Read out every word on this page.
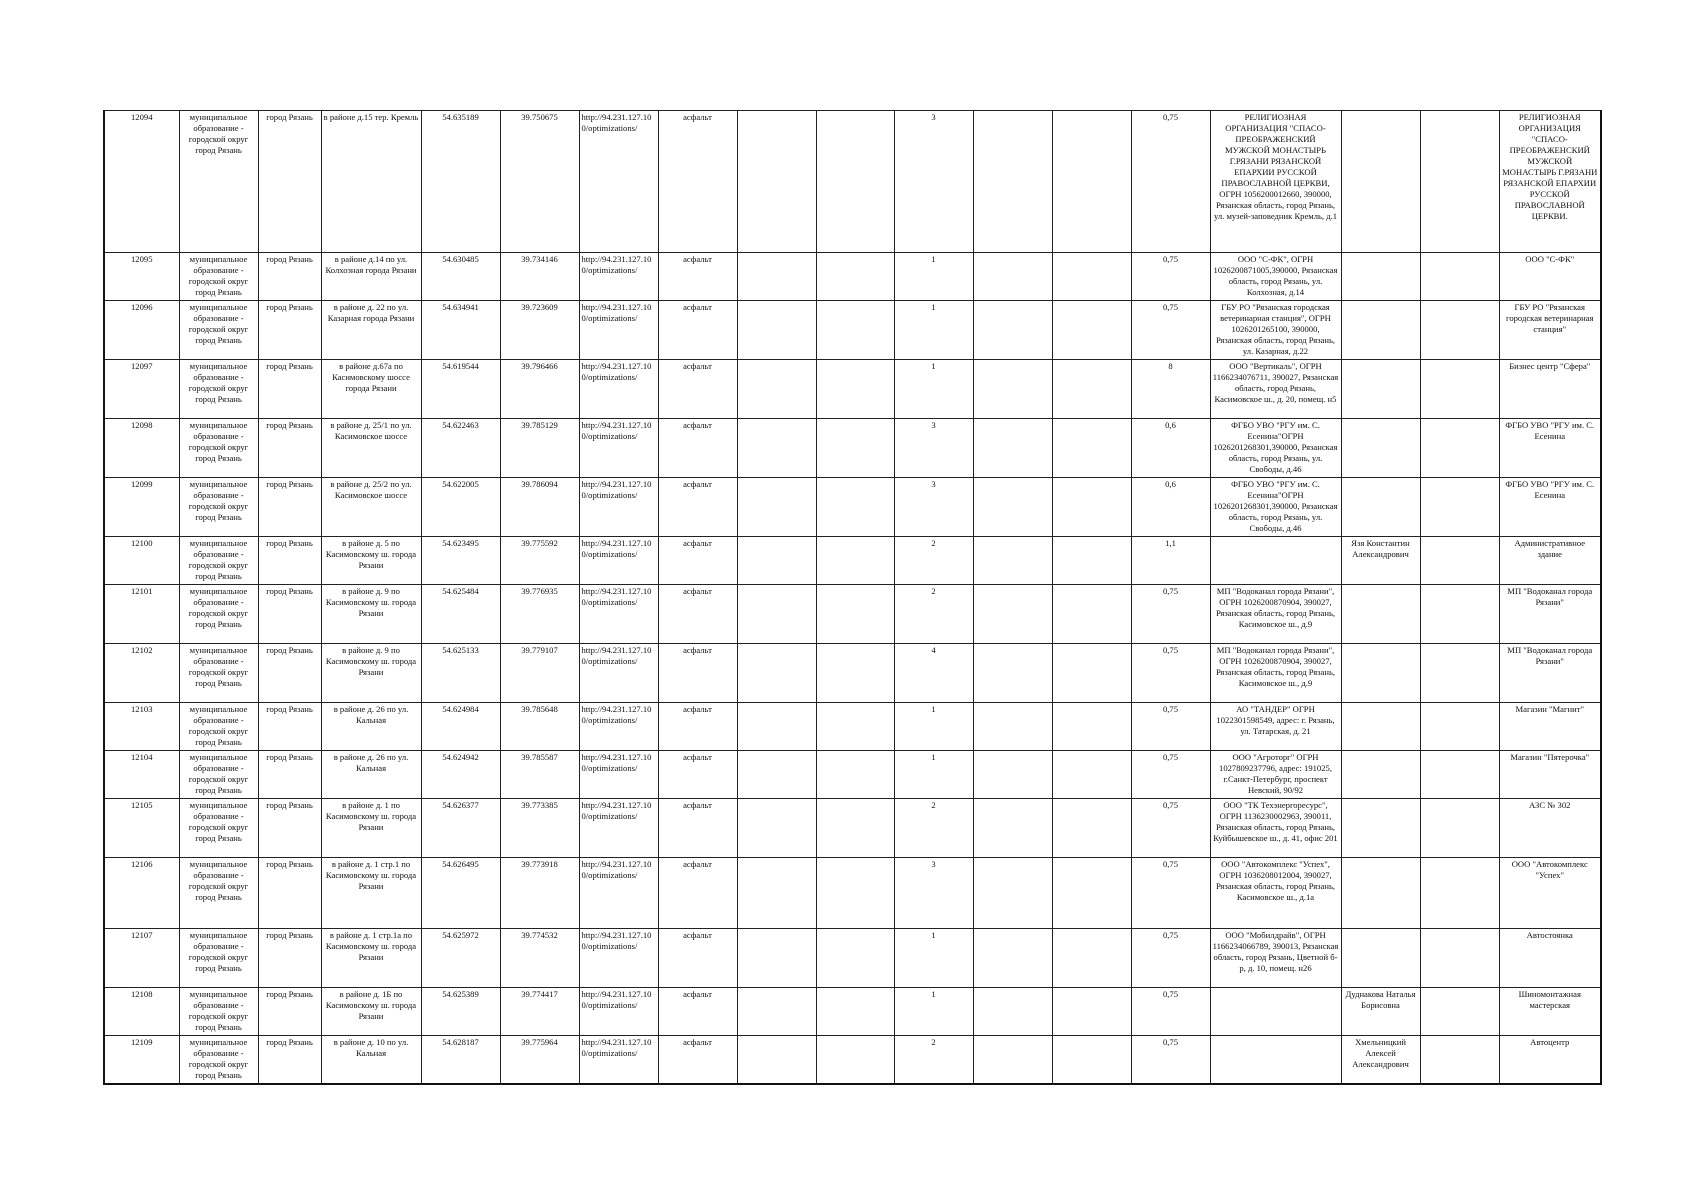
12094	муниципальное образование - городской округ город Рязань	город Рязань	в районе д.15 тер. Кремль	54.635189	39.750675	http://94.231.127.10 0/optimizations/	асфальт			3			0,75	РЕЛИГИОЗНАЯ ОРГАНИЗАЦИЯ "СПАСО-ПРЕОБРАЖЕНСКИЙ МУЖСКОЙ МОНАСТЫРЬ Г.РЯЗАНИ РЯЗАНСКОЙ ЕПАРХИИ РУССКОЙ ПРАВОСЛАВНОЙ ЦЕРКВИ, ОГРН 1056200012660, 390000, Рязанская область, город Рязань, ул. музей-заповедник Кремль, д.1			РЕЛИГИОЗНАЯ ОРГАНИЗАЦИЯ "СПАСО-ПРЕОБРАЖЕНСКИЙ МУЖСКОЙ МОНАСТЫРЬ Г.РЯЗАНИ РЯЗАНСКОЙ ЕПАРХИИ РУССКОЙ ПРАВОСЛАВНОЙ ЦЕРКВИ.
12095	муниципальное образование - городской округ город Рязань	город Рязань	в районе д.14 по ул. Колхозная города Рязани	54.630485	39.734146	http://94.231.127.10 0/optimizations/	асфальт			1			0,75	ООО "С-ФК", ОГРН 1026200871005,390000, Рязанская область, город Рязань, ул. Колхозная, д.14			ООО "С-ФК"
12096	муниципальное образование - городской округ город Рязань	город Рязань	в районе д. 22 по ул. Казарная города Рязани	54.634941	39.723609	http://94.231.127.10 0/optimizations/	асфальт			1			0,75	ГБУ РО "Рязанская городская ветеринарная станция", ОГРН 1026201265100, 390000, Рязанская область, город Рязань, ул. Казарная, д.22			ГБУ РО "Рязанская городская ветеринарная станция"
12097	муниципальное образование - городской округ город Рязань	город Рязань	в районе д.67а по Касимовскому шоссе города Рязани	54.619544	39.796466	http://94.231.127.10 0/optimizations/	асфальт			1			8	ООО "Вертикаль", ОГРН 1166234076711, 390027, Рязанская область, город Рязань, Касимовское ш., д. 20, помещ. н5			Бизнес центр "Сфера"
12098	муниципальное образование - городской округ город Рязань	город Рязань	в районе д. 25/1 по ул. Касимовское шоссе	54.622463	39.785129	http://94.231.127.10 0/optimizations/	асфальт			3			0,6	ФГБО УВО "РГУ им. С. Есенина"ОГРН 1026201268301,390000, Рязанская область, город Рязань, ул. Свободы, д.46			ФГБО УВО "РГУ им. С. Есенина
12099	муниципальное образование - городской округ город Рязань	город Рязань	в районе д. 25/2 по ул. Касимовское шоссе	54.622005	39.786094	http://94.231.127.10 0/optimizations/	асфальт			3			0,6	ФГБО УВО "РГУ им. С. Есенина"ОГРН 1026201268301,390000, Рязанская область, город Рязань, ул. Свободы, д.46			ФГБО УВО "РГУ им. С. Есенина
12100	муниципальное образование - городской округ город Рязань	город Рязань	в районе д. 5 по Касимовскому ш. города Рязани	54.623495	39.775592	http://94.231.127.10 0/optimizations/	асфальт			2			1,1		Язя Константин Александрович		Административное здание
12101	муниципальное образование - городской округ город Рязань	город Рязань	в районе д. 9 по Касимовскому ш. города Рязани	54.625484	39.776935	http://94.231.127.10 0/optimizations/	асфальт			2			0,75	МП "Водоканал города Рязани", ОГРН 1026200870904, 390027, Рязанская область, город Рязань, Касимовское ш., д.9			МП "Водоканал города Рязани"
12102	муниципальное образование - городской округ город Рязань	город Рязань	в районе д. 9 по Касимовскому ш. города Рязани	54.625133	39.779107	http://94.231.127.10 0/optimizations/	асфальт			4			0,75	МП "Водоканал города Рязани", ОГРН 1026200870904, 390027, Рязанская область, город Рязань, Касимовское ш., д.9			МП "Водоканал города Рязани"
12103	муниципальное образование - городской округ город Рязань	город Рязань	в районе д. 26 по ул. Кальная	54.624984	39.785648	http://94.231.127.10 0/optimizations/	асфальт			1			0,75	АО "ТАНДЕР" ОГРН 1022301598549, адрес: г. Рязань, ул. Татарская, д. 21			Магазин "Магнит"
12104	муниципальное образование - городской округ город Рязань	город Рязань	в районе д. 26 по ул. Кальная	54.624942	39.785587	http://94.231.127.10 0/optimizations/	асфальт			1			0,75	ООО "Агроторг" ОГРН 1027809237796, адрес: 191025, г.Санкт-Петербург, проспект Невский, 90/92			Магазин "Пятерочка"
12105	муниципальное образование - городской округ город Рязань	город Рязань	в районе д. 1 по Касимовскому ш. города Рязани	54.626377	39.773385	http://94.231.127.10 0/optimizations/	асфальт			2			0,75	ООО "ТК Техэнергоресурс", ОГРН 1136230002963, 390011, Рязанская область, город Рязань, Куйбышевское ш., д. 41, офис 201			АЗС № 302
12106	муниципальное образование - городской округ город Рязань	город Рязань	в районе д. 1 стр.1 по Касимовскому ш. города Рязани	54.626495	39.773918	http://94.231.127.10 0/optimizations/	асфальт			3			0,75	ООО "Автокомплекс "Успех", ОГРН 1036208012004, 390027, Рязанская область, город Рязань, Касимовское ш., д.1а			ООО "Автокомплекс "Успех"
12107	муниципальное образование - городской округ город Рязань	город Рязань	в районе д. 1 стр.1а по Касимовскому ш. города Рязани	54.625972	39.774532	http://94.231.127.10 0/optimizations/	асфальт			1			0,75	ООО "Мобилдрайв", ОГРН 1166234066789, 390013, Рязанская область, город Рязань, Цветной б-р, д. 10, помещ. н26			Автостоянка
12108	муниципальное образование - городской округ город Рязань	город Рязань	в районе д. 1Б по Касимовскому ш. города Рязани	54.625389	39.774417	http://94.231.127.10 0/optimizations/	асфальт			1			0,75		Дуднакова Наталья Борисовна		Шиномонтажная мастерская
12109	муниципальное образование - городской округ город Рязань	город Рязань	в районе д. 10 по ул. Кальная	54.628187	39.775964	http://94.231.127.10 0/optimizations/	асфальт			2			0,75		Хмельницкий Алексей Александрович		Автоцентр
